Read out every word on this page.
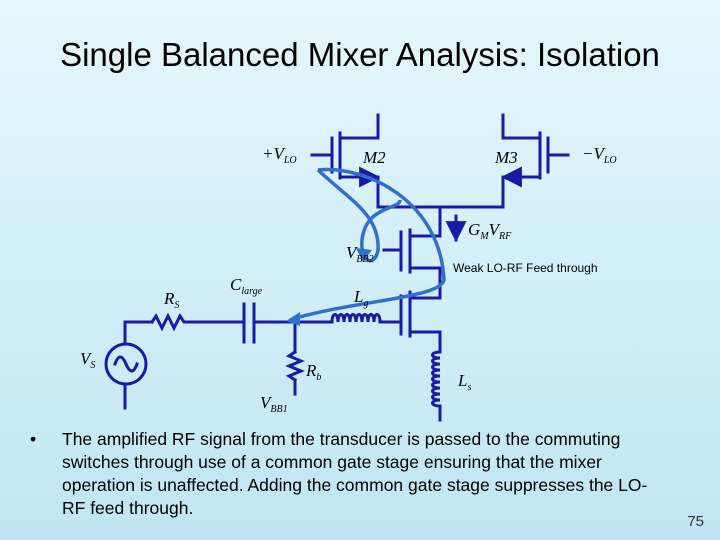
Single Balanced Mixer Analysis: Isolation
$+V_{LO}$	M2	M3	$-V_{LO}$
$G_MV_{RF}$
$V_{BB2}$
$C_{large}$
$R_S$	$L_g$
$V_S$	$R_b$	$L_s$
$V_{BB1}$
Weak LO-RF Feed through
• The amplified RF signal from the transducer is passed to the commuting switches through use of a common gate stage ensuring that the mixer operation is unaffected. Adding the common gate stage suppresses the LO-RF feed through.
75
